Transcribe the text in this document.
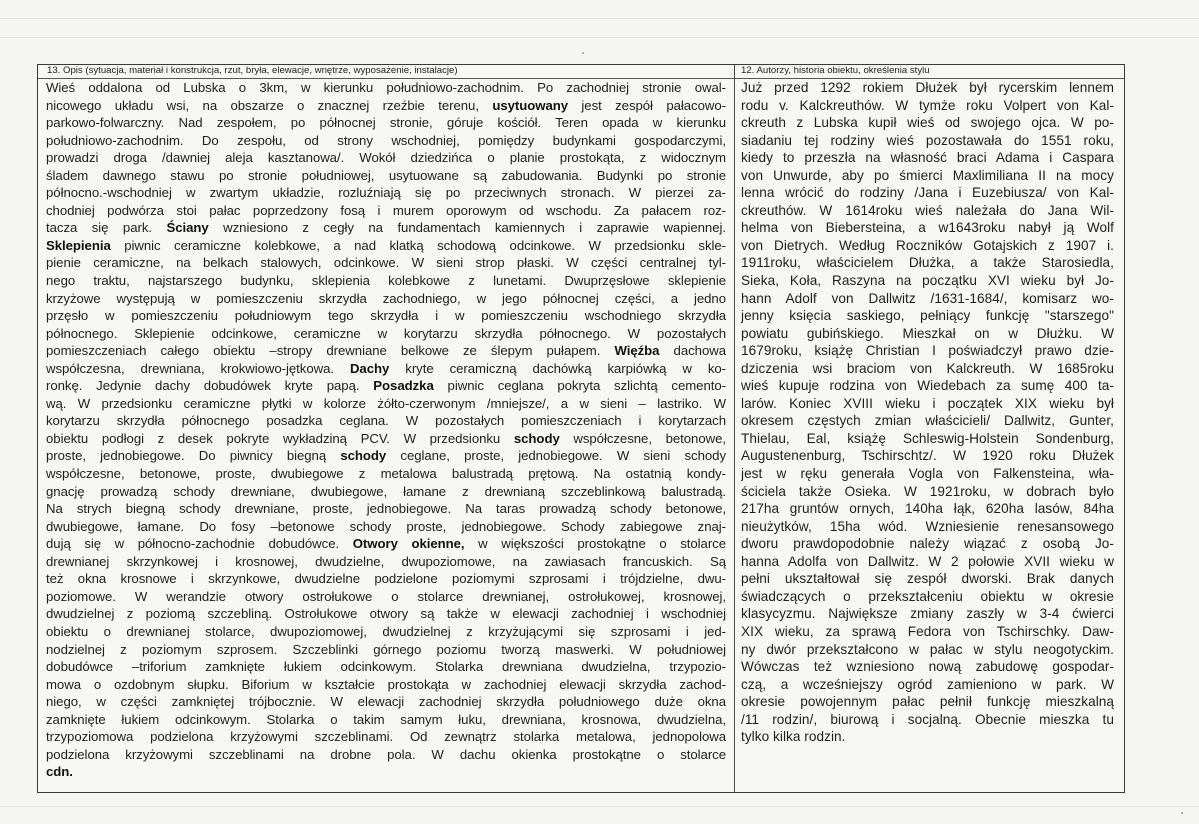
13. Opis (sytuacja, materiał i konstrukcja, rzut, bryła, elewacje, wnętrze, wyposażenie, instalacje)
Wieś oddalona od Lubska o 3km, w kierunku południowo-zachodnim. Po zachodniej stronie owal-
nicowego układu wsi, na obszarze o znacznej rzeźbie terenu, usytuowany jest zespół pałacowo-
parkowo-folwarczny. Nad zespołem, po północnej stronie, góruje kościół. Teren opada w kierunku
południowo-zachodnim. Do zespołu, od strony wschodniej, pomiędzy budynkami gospodarczymi,
prowadzi droga /dawniej aleja kasztanowa/. Wokół dziedzińca o planie prostokąta, z widocznym
śladem dawnego stawu po stronie południowej, usytuowane są zabudowania. Budynki po stronie
północno.-wschodniej w zwartym układzie, rozluźniają się po przeciwnych stronach. W pierzei za-
chodniej podwórza stoi pałac poprzedzony fosą i murem oporowym od wschodu. Za pałacem roz-
tacza się park. Ściany wzniesiono z cegły na fundamentach kamiennych i zaprawie wapiennej.
Sklepienia piwnic ceramiczne kolebkowe, a nad klatką schodową odcinkowe. W przedsionku skle-
pienie ceramiczne, na belkach stalowych, odcinkowe. W sieni strop płaski. W części centralnej tyl-
nego traktu, najstarszego budynku, sklepienia kolebkowe z lunetami. Dwuprzęsłowe sklepienie
krzyżowe występują w pomieszczeniu skrzydła zachodniego, w jego północnej części, a jedno
przęsło w pomieszczeniu południowym tego skrzydła i w pomieszczeniu wschodniego skrzydła
północnego. Sklepienie odcinkowe, ceramiczne w korytarzu skrzydła północnego. W pozostałych
pomieszczeniach całego obiektu –stropy drewniane belkowe ze ślepym pułapem. Więźba dachowa
współczesna, drewniana, krokwiowo-jętkowa. Dachy kryte ceramiczną dachówką karpiówką w ko-
ronkę. Jedynie dachy dobudówek kryte papą. Posadzka piwnic ceglana pokryta szlichtą cemento-
wą. W przedsionku ceramiczne płytki w kolorze żółto-czerwonym /mniejsze/, a w sieni – lastriko. W
korytarzu skrzydła północnego posadzka ceglana. W pozostałych pomieszczeniach i korytarzach
obiektu podłogi z desek pokryte wykładziną PCV. W przedsionku schody współczesne, betonowe,
proste, jednobiegowe. Do piwnicy biegną schody ceglane, proste, jednobiegowe. W sieni schody
współczesne, betonowe, proste, dwubiegowe z metalowa balustradą prętową. Na ostatnią kondy-
gnację prowadzą schody drewniane, dwubiegowe, łamane z drewnianą szczeblinkową balustradą.
Na strych biegną schody drewniane, proste, jednobiegowe. Na taras prowadzą schody betonowe,
dwubiegowe, łamane. Do fosy –betonowe schody proste, jednobiegowe. Schody zabiegowe znaj-
dują się w północno-zachodnie dobudówce. Otwory okienne, w większości prostokątne o stolarce
drewnianej skrzynkowej i krosnowej, dwudzielne, dwupoziomowe, na zawiasach francuskich. Są
też okna krosnowe i skrzynkowe, dwudzielne podzielone poziomymi szprosami i trójdzielne, dwu-
poziomowe. W werandzie otwory ostrołukowe o stolarce drewnianej, ostrołukowej, krosnowej,
dwudzielnej z poziomą szczebliną. Ostrołukowe otwory są także w elewacji zachodniej i wschodniej
obiektu o drewnianej stolarce, dwupoziomowej, dwudzielnej z krzyżującymi się szprosami i jed-
nodzielnej z poziomym szprosem. Szczeblinki górnego poziomu tworzą maswerki. W południowej
dobudówce –triforium zamknięte łukiem odcinkowym. Stolarka drewniana dwudzielna, trzypozio-
mowa o ozdobnym słupku. Biforium w kształcie prostokąta w zachodniej elewacji skrzydła zachod-
niego, w części zamkniętej trójbocznie. W elewacji zachodniej skrzydła południowego duże okna
zamknięte łukiem odcinkowym. Stolarka o takim samym łuku, drewniana, krosnowa, dwudzielna,
trzypoziomowa podzielona krzyżowymi szczeblinami. Od zewnątrz stolarka metalowa, jednopolowa
podzielona krzyżowymi szczeblinami na drobne pola. W dachu okienka prostokątne o stolarce
cdn.
12. Autorzy, historia obiektu, określenia stylu
Już przed 1292 rokiem Dłużek był rycerskim lennem
rodu v. Kalckreuthów. W tymże roku Volpert von Kal-
ckreuth z Lubska kupił wieś od swojego ojca. W po-
siadaniu tej rodziny wieś pozostawała do 1551 roku,
kiedy to przeszła na własność braci Adama i Caspara
von Unwurde, aby po śmierci Maxlimiliana II na mocy
lenna wrócić do rodziny /Jana i Euzebiusza/ von Kal-
ckreuthów. W 1614roku wieś należała do Jana Wil-
helma von Biebersteina, a w1643roku nabył ją Wolf
von Dietrych. Według Roczników Gotajskich z 1907 i.
1911roku, właścicielem Dłużka, a także Starosiedla,
Sieka, Koła, Raszyna na początku XVI wieku był Jo-
hann Adolf von Dallwitz /1631-1684/, komisarz wo-
jenny księcia saskiego, pełniący funkcję "starszego"
powiatu gubińskiego. Mieszkał on w Dłużku. W
1679roku, książę Christian I poświadczył prawo dzie-
dziczenia wsi braciom von Kalckreuth. W 1685roku
wieś kupuje rodzina von Wiedebach za sumę 400 ta-
larów. Koniec XVIII wieku i początek XIX wieku był
okresem częstych zmian właścicieli/ Dallwitz, Gunter,
Thielau, Eal, książę Schleswig-Holstein Sondenburg,
Augustenenburg, Tschirschtz/. W 1920 roku Dłużek
jest w ręku generała Vogla von Falkensteina, wła-
ściciela także Osieka. W 1921roku, w dobrach było
217ha gruntów ornych, 140ha łąk, 620ha lasów, 84ha
nieużytków, 15ha wód. Wzniesienie renesansowego
dworu prawdopodobnie należy wiązać z osobą Jo-
hanna Adolfa von Dallwitz. W 2 połowie XVII wieku w
pełni ukształtował się zespół dworski. Brak danych
świadczących o przekształceniu obiektu w okresie
klasycyzmu. Największe zmiany zaszły w 3-4 ćwierci
XIX wieku, za sprawą Fedora von Tschirschky. Daw-
ny dwór przekształcono w pałac w stylu neogotyckim.
Wówczas też wzniesiono nową zabudowę gospodar-
czą, a wcześniejszy ogród zamieniono w park. W
okresie powojennym pałac pełnił funkcję mieszkalną
/11 rodzin/, biurową i socjalną. Obecnie mieszka tu
tylko kilka rodzin.
